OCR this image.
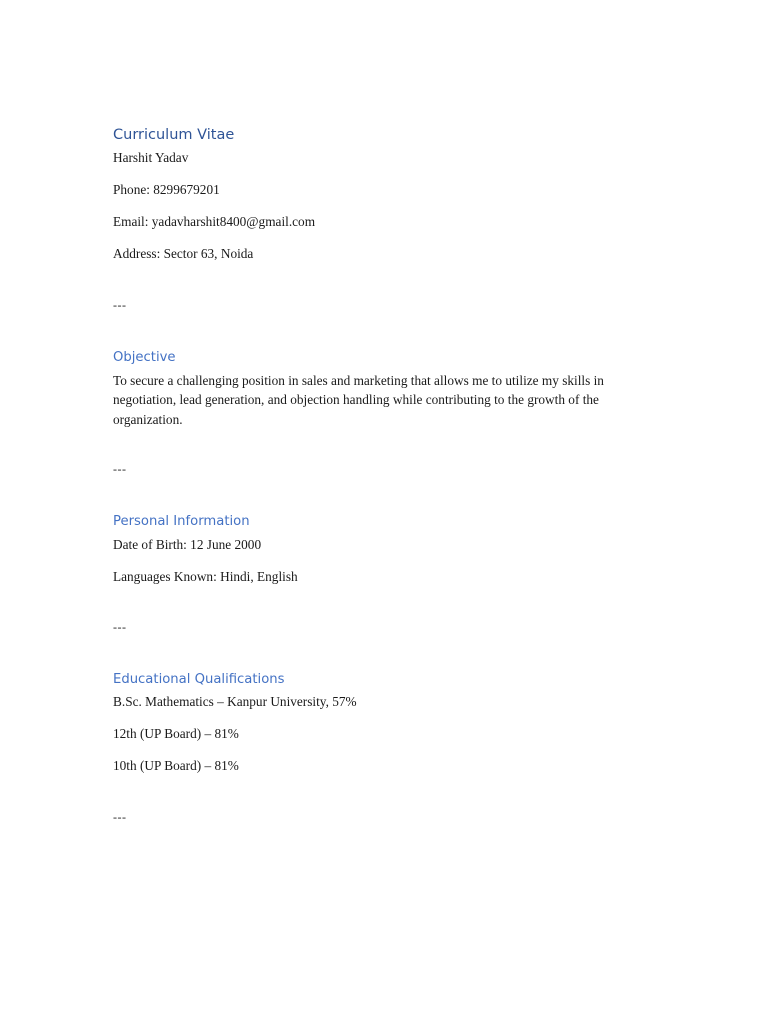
Curriculum Vitae

Harshit Yadav

Phone: 8299679201

Email: yadavharshit8400@gmail.com

Address: Sector 63, Noida

---

Objective

To secure a challenging position in sales and marketing that allows me to utilize my skills in negotiation, lead generation, and objection handling while contributing to the growth of the organization.

---

Personal Information

Date of Birth: 12 June 2000

Languages Known: Hindi, English

---

Educational Qualifications

B.Sc. Mathematics – Kanpur University, 57%

12th (UP Board) – 81%

10th (UP Board) – 81%

---
